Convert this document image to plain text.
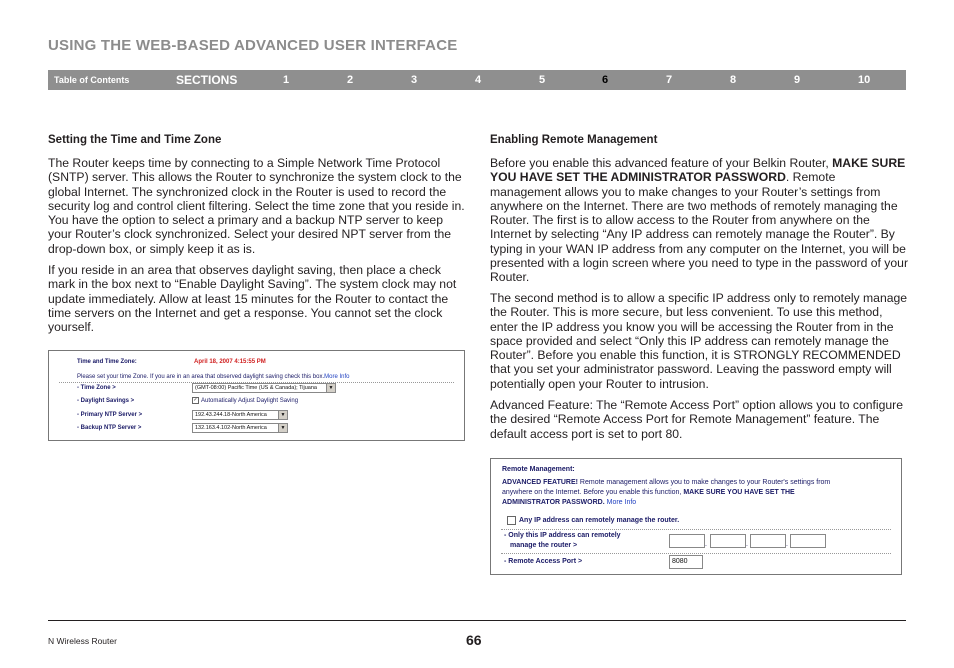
USING THE WEB-BASED ADVANCED USER INTERFACE
Table of Contents	SECTIONS	1	2	3	4	5	6	7	8	9	10
Setting the Time and Time Zone
The Router keeps time by connecting to a Simple Network Time Protocol (SNTP) server. This allows the Router to synchronize the system clock to the global Internet. The synchronized clock in the Router is used to record the security log and control client filtering. Select the time zone that you reside in. You have the option to select a primary and a backup NTP server to keep your Router’s clock synchronized. Select your desired NPT server from the drop-down box, or simply keep it as is.
If you reside in an area that observes daylight saving, then place a check mark in the box next to “Enable Daylight Saving”. The system clock may not update immediately. Allow at least 15 minutes for the Router to contact the time servers on the Internet and get a response. You cannot set the clock yourself.
Time and Time Zone:	April 18, 2007 4:15:55 PM
Please set your time Zone. If you are in an area that observed daylight saving check this box.More Info
- Time Zone >	(GMT-08:00) Pacific Time (US & Canada); Tijuana	▼
- Daylight Savings >	✓ Automatically Adjust Daylight Saving
- Primary NTP Server >	192.43.244.18-North America	▼
- Backup NTP Server >	132.163.4.102-North America	▼
Enabling Remote Management
Before you enable this advanced feature of your Belkin Router, MAKE SURE YOU HAVE SET THE ADMINISTRATOR PASSWORD. Remote management allows you to make changes to your Router’s settings from anywhere on the Internet. There are two methods of remotely managing the Router. The first is to allow access to the Router from anywhere on the Internet by selecting “Any IP address can remotely manage the Router”. By typing in your WAN IP address from any computer on the Internet, you will be presented with a login screen where you need to type in the password of your Router.
The second method is to allow a specific IP address only to remotely manage the Router. This is more secure, but less convenient. To use this method, enter the IP address you know you will be accessing the Router from in the space provided and select “Only this IP address can remotely manage the Router”. Before you enable this function, it is STRONGLY RECOMMENDED that you set your administrator password. Leaving the password empty will potentially open your Router to intrusion.
Advanced Feature: The “Remote Access Port” option allows you to configure the desired “Remote Access Port for Remote Management” feature. The default access port is set to port 80.
Remote Management:
ADVANCED FEATURE! Remote management allows you to make changes to your Router's settings from
anywhere on the Internet. Before you enable this function, MAKE SURE YOU HAVE SET THE
ADMINISTRATOR PASSWORD. More Info
Any IP address can remotely manage the router.
- Only this IP address can remotely
manage the router >	.	.	.
- Remote Access Port >	8080
N Wireless Router	66
